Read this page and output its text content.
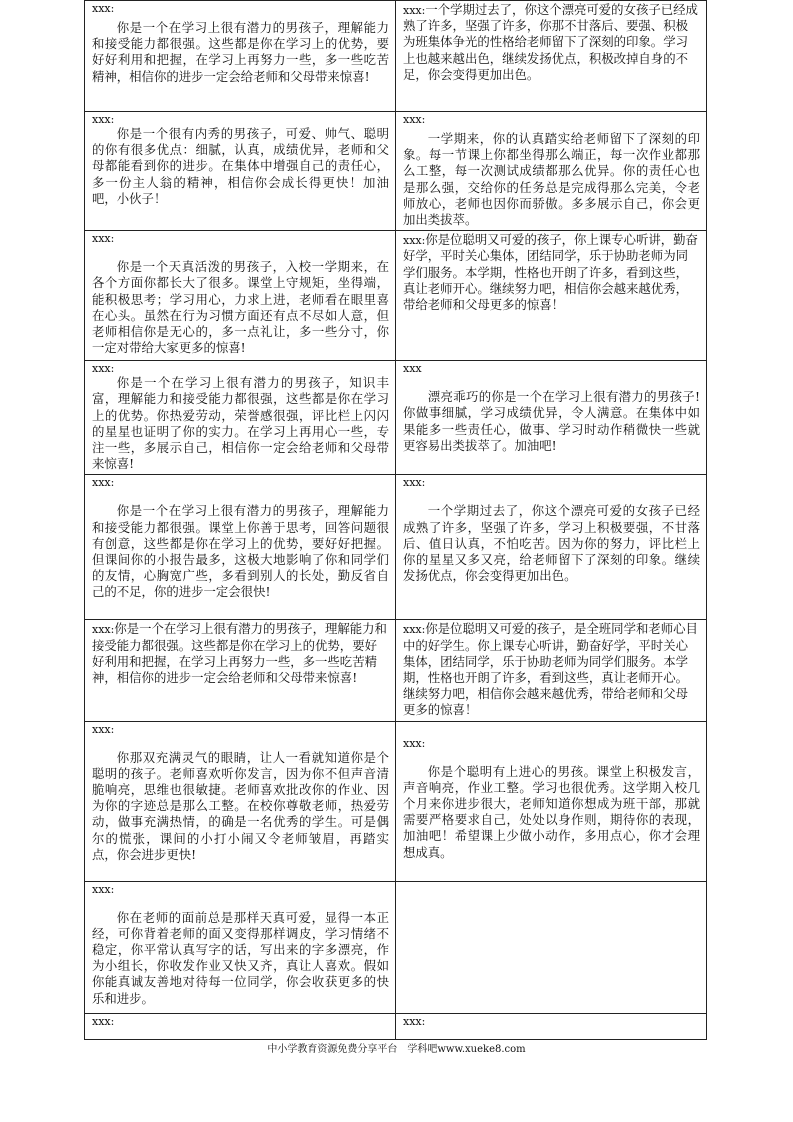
xxx:
你是一个在学习上很有潜力的男孩子，理解能力和接受能力都很强。这些都是你在学习上的优势，要好好利用和把握，在学习上再努力一些，多一些吃苦精神，相信你的进步一定会给老师和父母带来惊喜!	xxx:一个学期过去了，你这个漂亮可爱的女孩子已经成熟了许多，坚强了许多，你那不甘落后、要强、积极为班集体争光的性格给老师留下了深刻的印象。学习上也越来越出色，继续发扬优点，积极改掉自身的不足，你会变得更加出色。

xxx:
你是一个很有内秀的男孩子，可爱、帅气、聪明的你有很多优点：细腻，认真，成绩优异，老师和父母都能看到你的进步。在集体中增强自己的责任心，多一份主人翁的精神，相信你会成长得更快！加油吧，小伙子！	xxx:
一学期来，你的认真踏实给老师留下了深刻的印象。每一节课上你都坐得那么端正，每一次作业都那么工整，每一次测试成绩都那么优异。你的责任心也是那么强，交给你的任务总是完成得那么完美，令老师放心，老师也因你而骄傲。多多展示自己，你会更加出类拔萃。

xxx:
你是一个天真活泼的男孩子，入校一学期来，在各个方面你都长大了很多。课堂上守规矩，坐得端，能积极思考；学习用心，力求上进，老师看在眼里喜在心头。虽然在行为习惯方面还有点不尽如人意，但老师相信你是无心的，多一点礼让，多一些分寸，你一定对带给大家更多的惊喜!	xxx:你是位聪明又可爱的孩子，你上课专心听讲，勤奋好学，平时关心集体，团结同学，乐于协助老师为同学们服务。本学期，性格也开朗了许多，看到这些，真让老师开心。继续努力吧，相信你会越来越优秀，带给老师和父母更多的惊喜！

xxx:
你是一个在学习上很有潜力的男孩子，知识丰富，理解能力和接受能力都很强，这些都是你在学习上的优势。你热爱劳动，荣誉感很强，评比栏上闪闪的星星也证明了你的实力。在学习上再用心一些，专注一些，多展示自己，相信你一定会给老师和父母带来惊喜!	xxx
漂亮乖巧的你是一个在学习上很有潜力的男孩子!你做事细腻，学习成绩优异，令人满意。在集体中如果能多一些责任心，做事、学习时动作稍微快一些就更容易出类拔萃了。加油吧!

xxx:
你是一个在学习上很有潜力的男孩子，理解能力和接受能力都很强。课堂上你善于思考，回答问题很有创意，这些都是你在学习上的优势，要好好把握。但课间你的小报告最多，这极大地影响了你和同学们的友情，心胸宽广些，多看到别人的长处，勤反省自己的不足，你的进步一定会很快!	xxx:
一个学期过去了，你这个漂亮可爱的女孩子已经成熟了许多，坚强了许多，学习上积极要强，不甘落后、值日认真，不怕吃苦。因为你的努力，评比栏上你的星星又多又亮，给老师留下了深刻的印象。继续发扬优点，你会变得更加出色。

xxx:你是一个在学习上很有潜力的男孩子，理解能力和接受能力都很强。这些都是你在学习上的优势，要好好利用和把握，在学习上再努力一些，多一些吃苦精神，相信你的进步一定会给老师和父母带来惊喜!	xxx:你是位聪明又可爱的孩子，是全班同学和老师心目中的好学生。你上课专心听讲，勤奋好学，平时关心集体，团结同学，乐于协助老师为同学们服务。本学期，性格也开朗了许多，看到这些，真让老师开心。继续努力吧，相信你会越来越优秀，带给老师和父母更多的惊喜！

xxx:
你那双充满灵气的眼睛，让人一看就知道你是个聪明的孩子。老师喜欢听你发言，因为你不但声音清脆响亮，思维也很敏捷。老师喜欢批改你的作业、因为你的字迹总是那么工整。在校你尊敬老师，热爱劳动，做事充满热情，的确是一名优秀的学生。可是偶尔的慌张，课间的小打小闹又令老师皱眉，再踏实点，你会进步更快!	xxx:
你是个聪明有上进心的男孩。课堂上积极发言，声音响亮，作业工整。学习也很优秀。这学期入校几个月来你进步很大，老师知道你想成为班干部，那就需要严格要求自己，处处以身作则，期待你的表现，加油吧！希望课上少做小动作，多用点心，你才会理想成真。

xxx:
你在老师的面前总是那样天真可爱，显得一本正经，可你背着老师的面又变得那样调皮，学习情绪不稳定，你平常认真写字的话，写出来的字多漂亮，作为小组长，你收发作业又快又齐，真让人喜欢。假如你能真诚友善地对待每一位同学，你会收获更多的快乐和进步。	

xxx:	xxx:
中小学教育资源免费分享平台　学科吧www.xueke8.com
